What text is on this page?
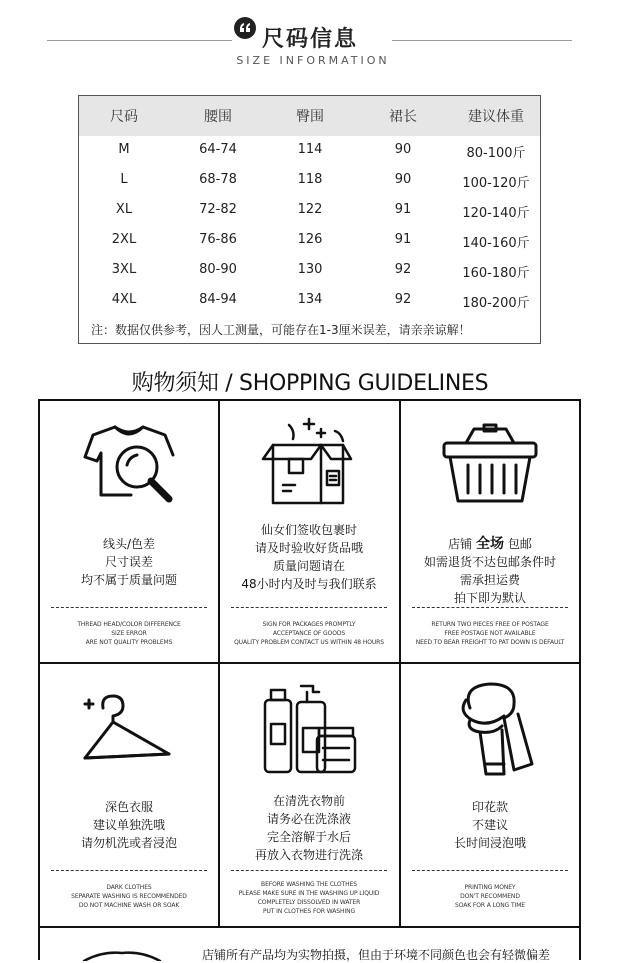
尺码信息
SIZE INFORMATION
尺码	腰围	臀围	裙长	建议体重
M	64-74	114	90	80-100斤
L	68-78	118	90	100-120斤
XL	72-82	122	91	120-140斤
2XL	76-86	126	91	140-160斤
3XL	80-90	130	92	160-180斤
4XL	84-94	134	92	180-200斤
注：数据仅供参考，因人工测量，可能存在1-3厘米误差，请亲亲谅解！
购物须知 / SHOPPING GUIDELINES
线头/色差
尺寸误差
均不属于质量问题
THREAD HEAD/COLOR DIFFERENCE
SIZE ERROR
ARE NOT QUALITY PROBLEMS
仙女们签收包裹时
请及时验收好货品哦
质量问题请在
48小时内及时与我们联系
SIGN FOR PACKAGES PROMPTLY
ACCEPTANCE OF GOODS
QUALITY PROBLEM CONTACT US WITHIN 48 HOURS
店铺 全场 包邮
如需退货不达包邮条件时
需承担运费
拍下即为默认
RETURN TWO PIECES FREE OF POSTAGE
FREE POSTAGE NOT AVAILABLE
NEED TO BEAR FREIGHT TO PAT DOWN IS DEFAULT
深色衣服
建议单独洗哦
请勿机洗或者浸泡
DARK CLOTHES
SEPARATE WASHING IS RECOMMENDED
DO NOT MACHINE WASH OR SOAK
在清洗衣物前
请务必在洗涤液
完全溶解于水后
再放入衣物进行洗涤
BEFORE WASHING THE CLOTHES
PLEASE MAKE SURE IN THE WASHING UP LIQUID
COMPLETELY DISSOLVED IN WATER
PUT IN CLOTHES FOR WASHING
印花款
不建议
长时间浸泡哦
PRINTING MONEY
DON'T RECOMMEND
SOAK FOR A LONG TIME
店铺所有产品均为实物拍摄，但由于环境不同颜色也会有轻微偏差
